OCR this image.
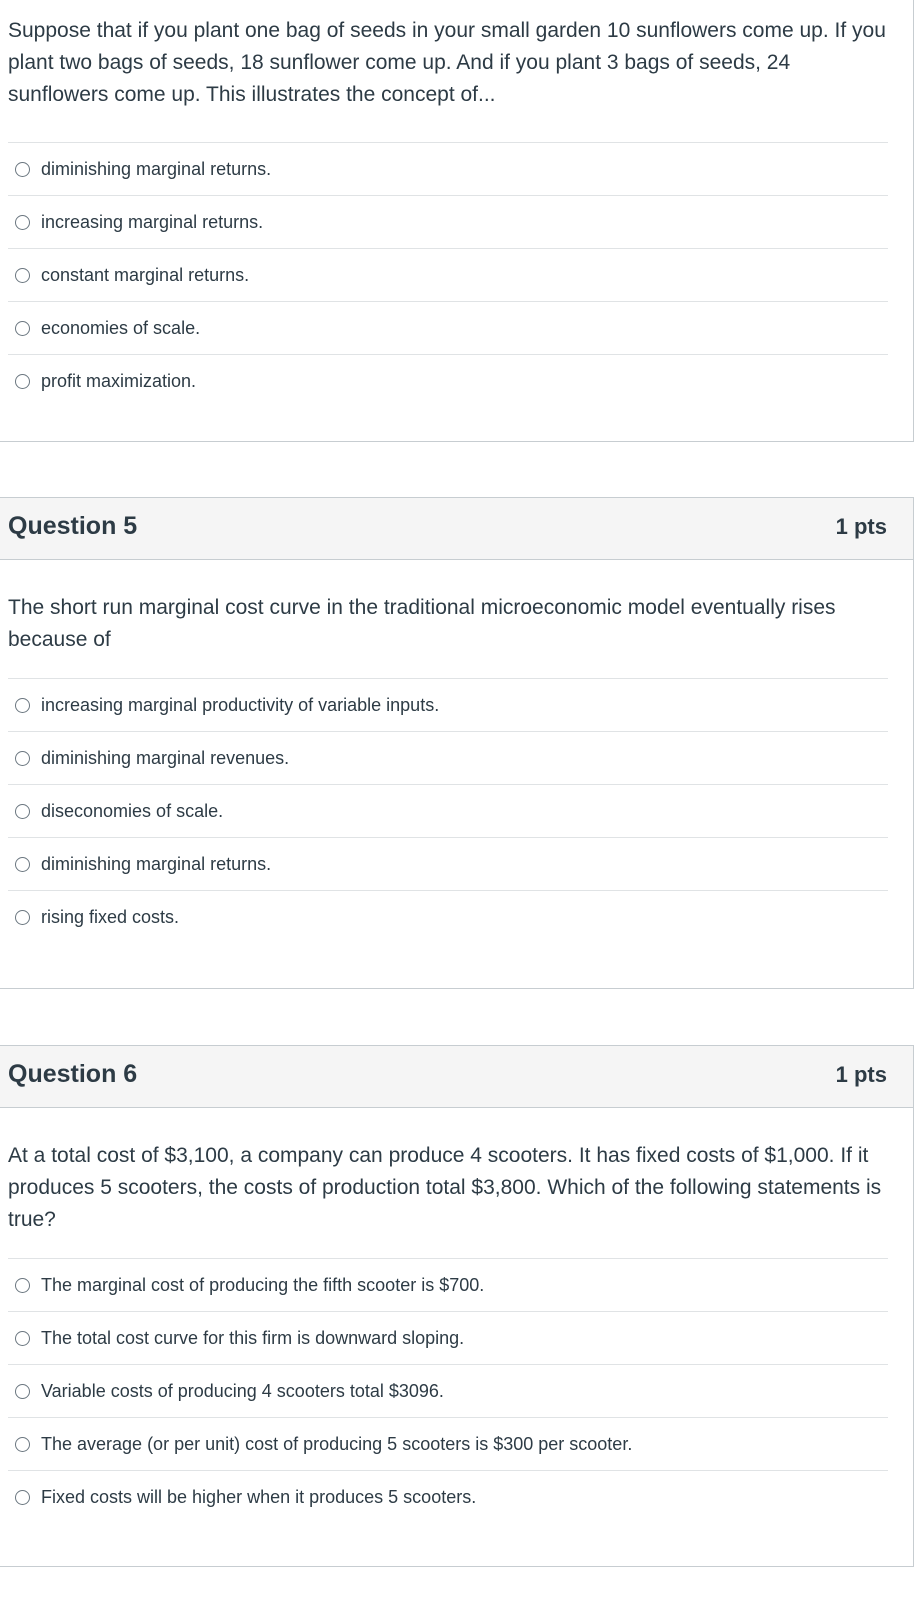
Suppose that if you plant one bag of seeds in your small garden 10 sunflowers come up. If you plant two bags of seeds, 18 sunflower come up. And if you plant 3 bags of seeds, 24 sunflowers come up. This illustrates the concept of...
diminishing marginal returns.
increasing marginal returns.
constant marginal returns.
economies of scale.
profit maximization.
Question 5	1 pts
The short run marginal cost curve in the traditional microeconomic model eventually rises because of
increasing marginal productivity of variable inputs.
diminishing marginal revenues.
diseconomies of scale.
diminishing marginal returns.
rising fixed costs.
Question 6	1 pts
At a total cost of $3,100, a company can produce 4 scooters. It has fixed costs of $1,000. If it produces 5 scooters, the costs of production total $3,800. Which of the following statements is true?
The marginal cost of producing the fifth scooter is $700.
The total cost curve for this firm is downward sloping.
Variable costs of producing 4 scooters total $3096.
The average (or per unit) cost of producing 5 scooters is $300 per scooter.
Fixed costs will be higher when it produces 5 scooters.
